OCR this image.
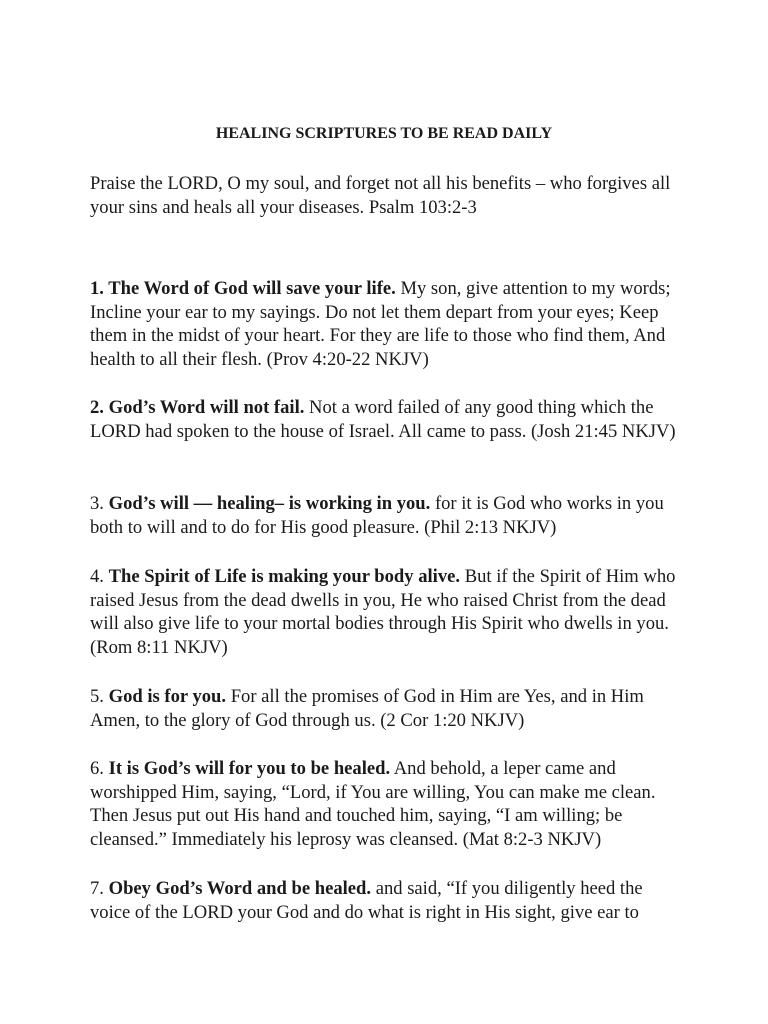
HEALING SCRIPTURES TO BE READ DAILY

Praise the LORD, O my soul, and forget not all his benefits – who forgives all your sins and heals all your diseases. Psalm 103:2-3

1. The Word of God will save your life. My son, give attention to my words; Incline your ear to my sayings. Do not let them depart from your eyes; Keep them in the midst of your heart. For they are life to those who find them, And health to all their flesh. (Prov 4:20-22 NKJV)

2. God’s Word will not fail. Not a word failed of any good thing which the LORD had spoken to the house of Israel. All came to pass. (Josh 21:45 NKJV)

3. God’s will — healing– is working in you. for it is God who works in you both to will and to do for His good pleasure. (Phil 2:13 NKJV)

4. The Spirit of Life is making your body alive. But if the Spirit of Him who raised Jesus from the dead dwells in you, He who raised Christ from the dead will also give life to your mortal bodies through His Spirit who dwells in you.(Rom 8:11 NKJV)

5. God is for you. For all the promises of God in Him are Yes, and in Him Amen, to the glory of God through us. (2 Cor 1:20 NKJV)

6. It is God’s will for you to be healed. And behold, a leper came and worshipped Him, saying, “Lord, if You are willing, You can make me clean. Then Jesus put out His hand and touched him, saying, “I am willing; be cleansed.” Immediately his leprosy was cleansed. (Mat 8:2-3 NKJV)

7. Obey God’s Word and be healed. and said, “If you diligently heed the voice of the LORD your God and do what is right in His sight, give ear to
